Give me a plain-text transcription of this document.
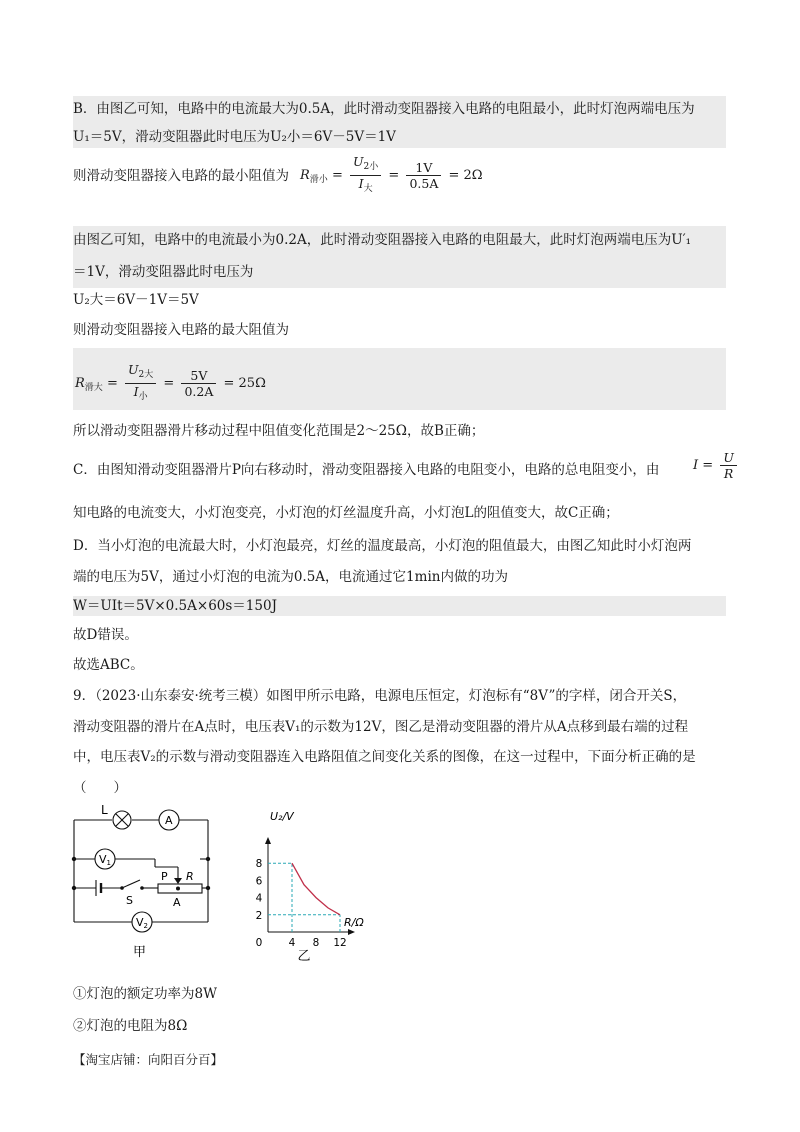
B．由图乙可知，电路中的电流最大为0.5A，此时滑动变阻器接入电路的电阻最小，此时灯泡两端电压为
U₁＝5V，滑动变阻器此时电压为U₂小＝6V－5V＝1V
则滑动变阻器接入电路的最小阻值为 $R_{滑小} = \frac{U_{2小}}{I_大} = \frac{1V}{0.5A} = 2\Omega$
由图乙可知，电路中的电流最小为0.2A，此时滑动变阻器接入电路的电阻最大，此时灯泡两端电压为U′₁
＝1V，滑动变阻器此时电压为
U₂大＝6V－1V＝5V
则滑动变阻器接入电路的最大阻值为
$R_{滑大} = \frac{U_{2大}}{I_小} = \frac{5V}{0.2A} = 25\Omega$
所以滑动变阻器滑片移动过程中阻值变化范围是2～25Ω，故B正确；
C．由图知滑动变阻器滑片P向右移动时，滑动变阻器接入电路的电阻变小，电路的总电阻变小，由	$I = \frac{U}{R}$
知电路的电流变大，小灯泡变亮，小灯泡的灯丝温度升高，小灯泡L的阻值变大，故C正确；
D．当小灯泡的电流最大时，小灯泡最亮，灯丝的温度最高，小灯泡的阻值最大，由图乙知此时小灯泡两
端的电压为5V，通过小灯泡的电流为0.5A，电流通过它1min内做的功为
W＝UIt＝5V×0.5A×60s＝150J
故D错误。
故选ABC。
9．（2023·山东泰安·统考三模）如图甲所示电路，电源电压恒定，灯泡标有“8V”的字样，闭合开关S，
滑动变阻器的滑片在A点时，电压表V₁的示数为12V，图乙是滑动变阻器的滑片从A点移到最右端的过程
中，电压表V₂的示数与滑动变阻器连入电路阻值之间变化关系的图像，在这一过程中，下面分析正确的是
（　　）
L
A
V1
P R
S	A
V2
甲
2
4
6
8
0	4 8 12
U₂/V
R/Ω
乙
①灯泡的额定功率为8W
②灯泡的电阻为8Ω
【淘宝店铺：向阳百分百】
